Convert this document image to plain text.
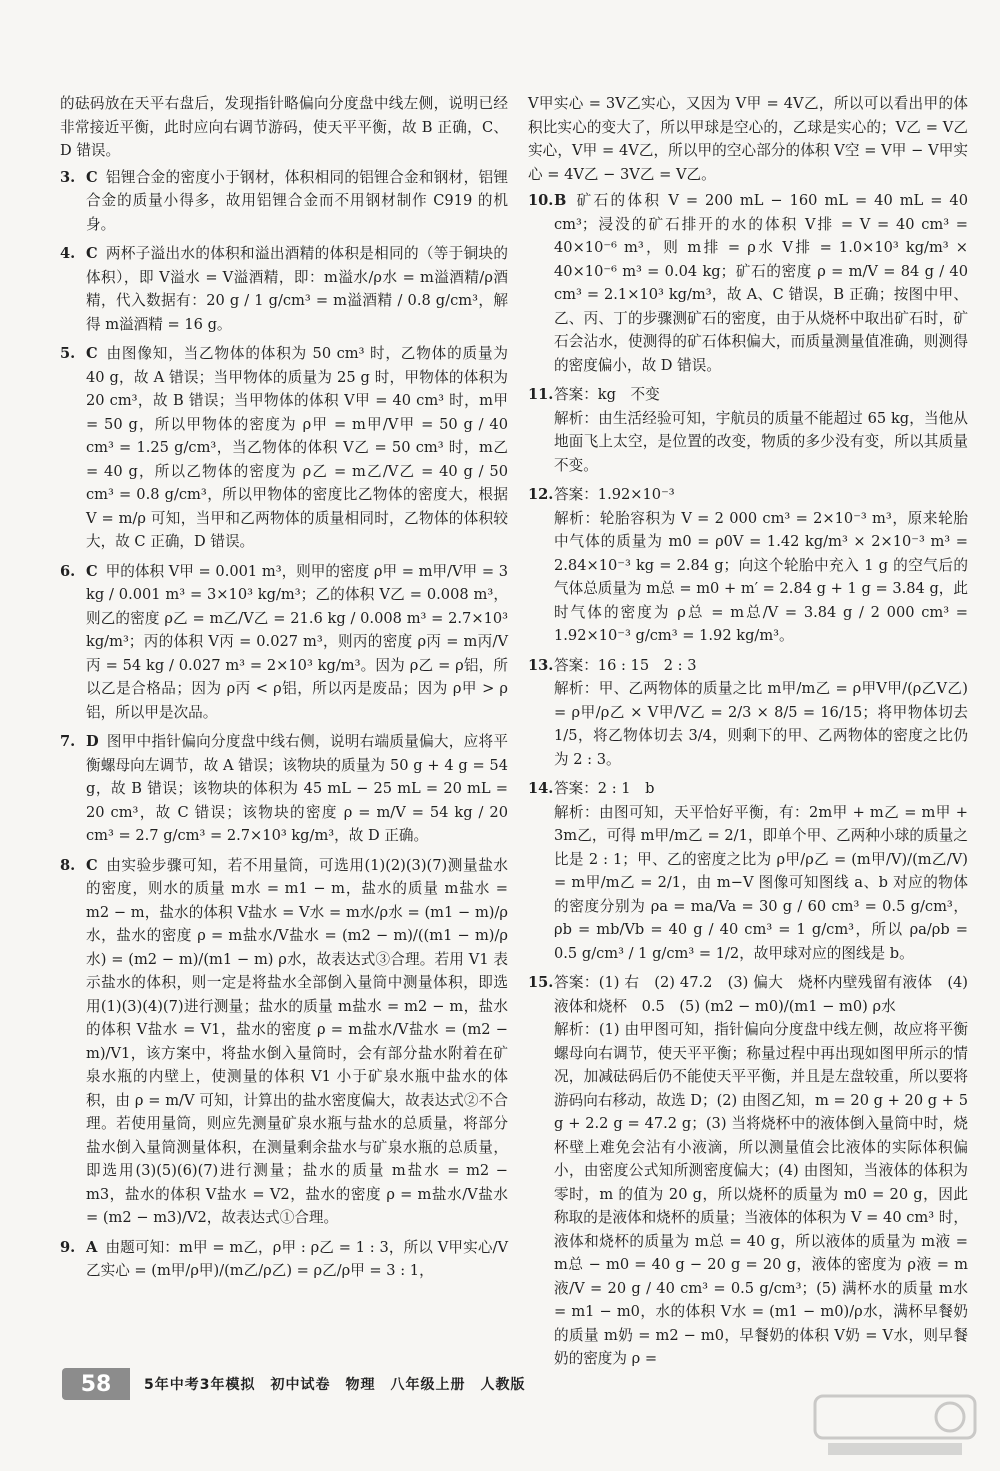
的砝码放在天平右盘后，发现指针略偏向分度盘中线左侧，说明已经非常接近平衡，此时应向右调节游码，使天平平衡，故 B 正确，C、D 错误。

3. C 铝锂合金的密度小于钢材，体积相同的铝锂合金和钢材，铝锂合金的质量小得多，故用铝锂合金而不用钢材制作 C919 的机身。
4. C 两杯子溢出水的体积和溢出酒精的体积是相同的（等于铜块的体积），即 V溢水 = V溢酒精，即：m溢水/ρ水 = m溢酒精/ρ酒精，代入数据有：20 g / 1 g/cm³ = m溢酒精 / 0.8 g/cm³，解得 m溢酒精 = 16 g。
5. C 由图像知，当乙物体的体积为 50 cm³ 时，乙物体的质量为 40 g，故 A 错误；当甲物体的质量为 25 g 时，甲物体的体积为 20 cm³，故 B 错误；当甲物体的体积 V甲 = 40 cm³ 时，m甲 = 50 g，所以甲物体的密度为 ρ甲 = m甲/V甲 = 50 g / 40 cm³ = 1.25 g/cm³，当乙物体的体积 V乙 = 50 cm³ 时，m乙 = 40 g，所以乙物体的密度为 ρ乙 = m乙/V乙 = 40 g / 50 cm³ = 0.8 g/cm³，所以甲物体的密度比乙物体的密度大，根据 V = m/ρ 可知，当甲和乙两物体的质量相同时，乙物体的体积较大，故 C 正确，D 错误。
6. C 甲的体积 V甲 = 0.001 m³，则甲的密度 ρ甲 = m甲/V甲 = 3 kg / 0.001 m³ = 3×10³ kg/m³；乙的体积 V乙 = 0.008 m³，则乙的密度 ρ乙 = m乙/V乙 = 21.6 kg / 0.008 m³ = 2.7×10³ kg/m³；丙的体积 V丙 = 0.027 m³，则丙的密度 ρ丙 = m丙/V丙 = 54 kg / 0.027 m³ = 2×10³ kg/m³。因为 ρ乙 = ρ铝，所以乙是合格品；因为 ρ丙 < ρ铝，所以丙是废品；因为 ρ甲 > ρ铝，所以甲是次品。
7. D 图甲中指针偏向分度盘中线右侧，说明右端质量偏大，应将平衡螺母向左调节，故 A 错误；该物块的质量为 50 g + 4 g = 54 g，故 B 错误；该物块的体积为 45 mL − 25 mL = 20 mL = 20 cm³，故 C 错误；该物块的密度 ρ = m/V = 54 kg / 20 cm³ = 2.7 g/cm³ = 2.7×10³ kg/m³，故 D 正确。
8. C 由实验步骤可知，若不用量筒，可选用(1)(2)(3)(7)测量盐水的密度，则水的质量 m水 = m1 − m，盐水的质量 m盐水 = m2 − m，盐水的体积 V盐水 = V水 = m水/ρ水 = (m1 − m)/ρ水，盐水的密度 ρ = m盐水/V盐水 = (m2 − m)/((m1 − m)/ρ水) = (m2 − m)/(m1 − m) ρ水，故表达式③合理。若用 V1 表示盐水的体积，则一定是将盐水全部倒入量筒中测量体积，即选用(1)(3)(4)(7)进行测量；盐水的质量 m盐水 = m2 − m，盐水的体积 V盐水 = V1，盐水的密度 ρ = m盐水/V盐水 = (m2 − m)/V1，该方案中，将盐水倒入量筒时，会有部分盐水附着在矿泉水瓶的内壁上，使测量的体积 V1 小于矿泉水瓶中盐水的体积，由 ρ = m/V 可知，计算出的盐水密度偏大，故表达式②不合理。若使用量筒，则应先测量矿泉水瓶与盐水的总质量，将部分盐水倒入量筒测量体积，在测量剩余盐水与矿泉水瓶的总质量，即选用(3)(5)(6)(7)进行测量；盐水的质量 m盐水 = m2 − m3，盐水的体积 V盐水 = V2，盐水的密度 ρ = m盐水/V盐水 = (m2 − m3)/V2，故表达式①合理。
9. A 由题可知：m甲 = m乙，ρ甲 : ρ乙 = 1 : 3，所以 V甲实心/V乙实心 = (m甲/ρ甲)/(m乙/ρ乙) = ρ乙/ρ甲 = 3 : 1，

V甲实心 = 3V乙实心，又因为 V甲 = 4V乙，所以可以看出甲的体积比实心的变大了，所以甲球是空心的，乙球是实心的；V乙 = V乙实心，V甲 = 4V乙，所以甲的空心部分的体积 V空 = V甲 − V甲实心 = 4V乙 − 3V乙 = V乙。

10. B 矿石的体积 V = 200 mL − 160 mL = 40 mL = 40 cm³；浸没的矿石排开的水的体积 V排 = V = 40 cm³ = 40×10⁻⁶ m³，则 m排 = ρ水 V排 = 1.0×10³ kg/m³ × 40×10⁻⁶ m³ = 0.04 kg；矿石的密度 ρ = m/V = 84 g / 40 cm³ = 2.1×10³ kg/m³，故 A、C 错误，B 正确；按图中甲、乙、丙、丁的步骤测矿石的密度，由于从烧杯中取出矿石时，矿石会沾水，使测得的矿石体积偏大，而质量测量值准确，则测得的密度偏小，故 D 错误。
11. 答案：kg　不变
解析：由生活经验可知，宇航员的质量不能超过 65 kg，当他从地面飞上太空，是位置的改变，物质的多少没有变，所以其质量不变。
12. 答案：1.92×10⁻³
解析：轮胎容积为 V = 2 000 cm³ = 2×10⁻³ m³，原来轮胎中气体的质量为 m0 = ρ0V = 1.42 kg/m³ × 2×10⁻³ m³ = 2.84×10⁻³ kg = 2.84 g；向这个轮胎中充入 1 g 的空气后的气体总质量为 m总 = m0 + m′ = 2.84 g + 1 g = 3.84 g，此时气体的密度为 ρ总 = m总/V = 3.84 g / 2 000 cm³ = 1.92×10⁻³ g/cm³ = 1.92 kg/m³。
13. 答案：16 : 15　2 : 3
解析：甲、乙两物体的质量之比 m甲/m乙 = ρ甲V甲/(ρ乙V乙) = ρ甲/ρ乙 × V甲/V乙 = 2/3 × 8/5 = 16/15；将甲物体切去 1/5，将乙物体切去 3/4，则剩下的甲、乙两物体的密度之比仍为 2 : 3。
14. 答案：2 : 1　b
解析：由图可知，天平恰好平衡，有：2m甲 + m乙 = m甲 + 3m乙，可得 m甲/m乙 = 2/1，即单个甲、乙两种小球的质量之比是 2 : 1；甲、乙的密度之比为 ρ甲/ρ乙 = (m甲/V)/(m乙/V) = m甲/m乙 = 2/1，由 m−V 图像可知图线 a、b 对应的物体的密度分别为 ρa = ma/Va = 30 g / 60 cm³ = 0.5 g/cm³，ρb = mb/Vb = 40 g / 40 cm³ = 1 g/cm³，所以 ρa/ρb = 0.5 g/cm³ / 1 g/cm³ = 1/2，故甲球对应的图线是 b。
15. 答案：(1) 右　(2) 47.2　(3) 偏大　烧杯内壁残留有液体　(4) 液体和烧杯　0.5　(5) (m2 − m0)/(m1 − m0) ρ水
解析：(1) 由甲图可知，指针偏向分度盘中线左侧，故应将平衡螺母向右调节，使天平平衡；称量过程中再出现如图甲所示的情况，加减砝码后仍不能使天平平衡，并且是左盘较重，所以要将游码向右移动，故选 D；(2) 由图乙知，m = 20 g + 20 g + 5 g + 2.2 g = 47.2 g；(3) 当将烧杯中的液体倒入量筒中时，烧杯壁上难免会沾有小液滴，所以测量值会比液体的实际体积偏小，由密度公式知所测密度偏大；(4) 由图知，当液体的体积为零时，m 的值为 20 g，所以烧杯的质量为 m0 = 20 g，因此称取的是液体和烧杯的质量；当液体的体积为 V = 40 cm³ 时，液体和烧杯的质量为 m总 = 40 g，所以液体的质量为 m液 = m总 − m0 = 40 g − 20 g = 20 g，液体的密度为 ρ液 = m液/V = 20 g / 40 cm³ = 0.5 g/cm³；(5) 满杯水的质量 m水 = m1 − m0，水的体积 V水 = (m1 − m0)/ρ水，满杯早餐奶的质量 m奶 = m2 − m0，早餐奶的体积 V奶 = V水，则早餐奶的密度为 ρ =
58	5年中考3年模拟　初中试卷　物理　八年级上册　人教版
